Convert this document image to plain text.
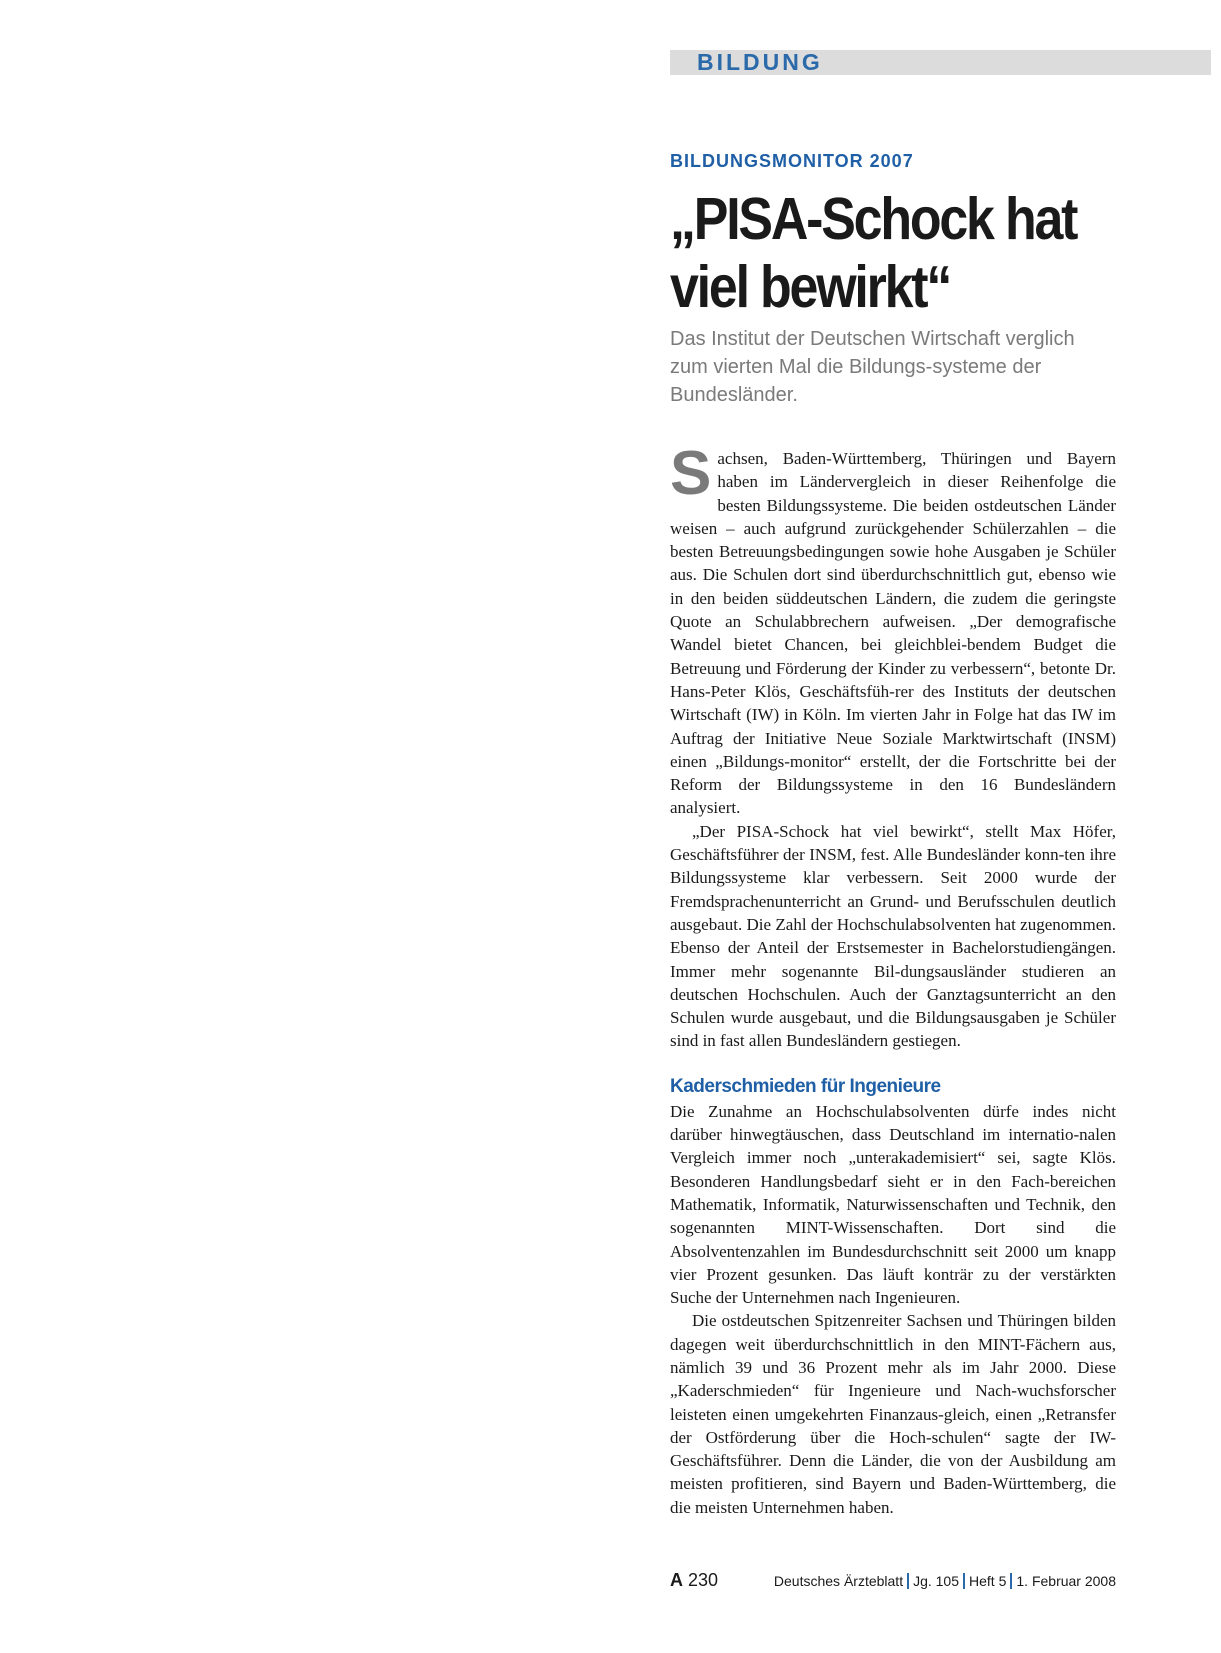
BILDUNG

BILDUNGSMONITOR 2007

„PISA-Schock hat
viel bewirkt“

Das Institut der Deutschen Wirtschaft verglich zum vierten Mal die Bildungs-systeme der Bundesländer.

Sachsen, Baden-Württemberg, Thüringen und Bayern haben im Ländervergleich in dieser Reihenfolge die besten Bildungssysteme. Die beiden ostdeutschen Länder weisen – auch aufgrund zurückgehender Schülerzahlen – die besten Betreuungsbedingungen sowie hohe Ausgaben je Schüler aus. Die Schulen dort sind überdurchschnittlich gut, ebenso wie in den beiden süddeutschen Ländern, die zudem die geringste Quote an Schulabbrechern aufweisen. „Der demografische Wandel bietet Chancen, bei gleichblei-bendem Budget die Betreuung und Förderung der Kinder zu verbessern“, betonte Dr. Hans-Peter Klös, Geschäftsfüh-rer des Instituts der deutschen Wirtschaft (IW) in Köln. Im vierten Jahr in Folge hat das IW im Auftrag der Initiative Neue Soziale Marktwirtschaft (INSM) einen „Bildungs-monitor“ erstellt, der die Fortschritte bei der Reform der Bildungssysteme in den 16 Bundesländern analysiert.

„Der PISA-Schock hat viel bewirkt“, stellt Max Höfer, Geschäftsführer der INSM, fest. Alle Bundesländer konn-ten ihre Bildungssysteme klar verbessern. Seit 2000 wurde der Fremdsprachenunterricht an Grund- und Berufsschulen deutlich ausgebaut. Die Zahl der Hochschulabsolventen hat zugenommen. Ebenso der Anteil der Erstsemester in Bachelorstudiengängen. Immer mehr sogenannte Bil-dungsausländer studieren an deutschen Hochschulen. Auch der Ganztagsunterricht an den Schulen wurde ausgebaut, und die Bildungsausgaben je Schüler sind in fast allen Bundesländern gestiegen.

Kaderschmieden für Ingenieure

Die Zunahme an Hochschulabsolventen dürfe indes nicht darüber hinwegtäuschen, dass Deutschland im internatio-nalen Vergleich immer noch „unterakademisiert“ sei, sagte Klös. Besonderen Handlungsbedarf sieht er in den Fach-bereichen Mathematik, Informatik, Naturwissenschaften und Technik, den sogenannten MINT-Wissenschaften. Dort sind die Absolventenzahlen im Bundesdurchschnitt seit 2000 um knapp vier Prozent gesunken. Das läuft konträr zu der verstärkten Suche der Unternehmen nach Ingenieuren.

Die ostdeutschen Spitzenreiter Sachsen und Thüringen bilden dagegen weit überdurchschnittlich in den MINT-Fächern aus, nämlich 39 und 36 Prozent mehr als im Jahr 2000. Diese „Kaderschmieden“ für Ingenieure und Nach-wuchsforscher leisteten einen umgekehrten Finanzaus-gleich, einen „Retransfer der Ostförderung über die Hoch-schulen“ sagte der IW-Geschäftsführer. Denn die Länder, die von der Ausbildung am meisten profitieren, sind Bayern und Baden-Württemberg, die die meisten Unternehmen haben.

A 230	Deutsches Ärzteblatt Jg. 105 Heft 5 1. Februar 2008
